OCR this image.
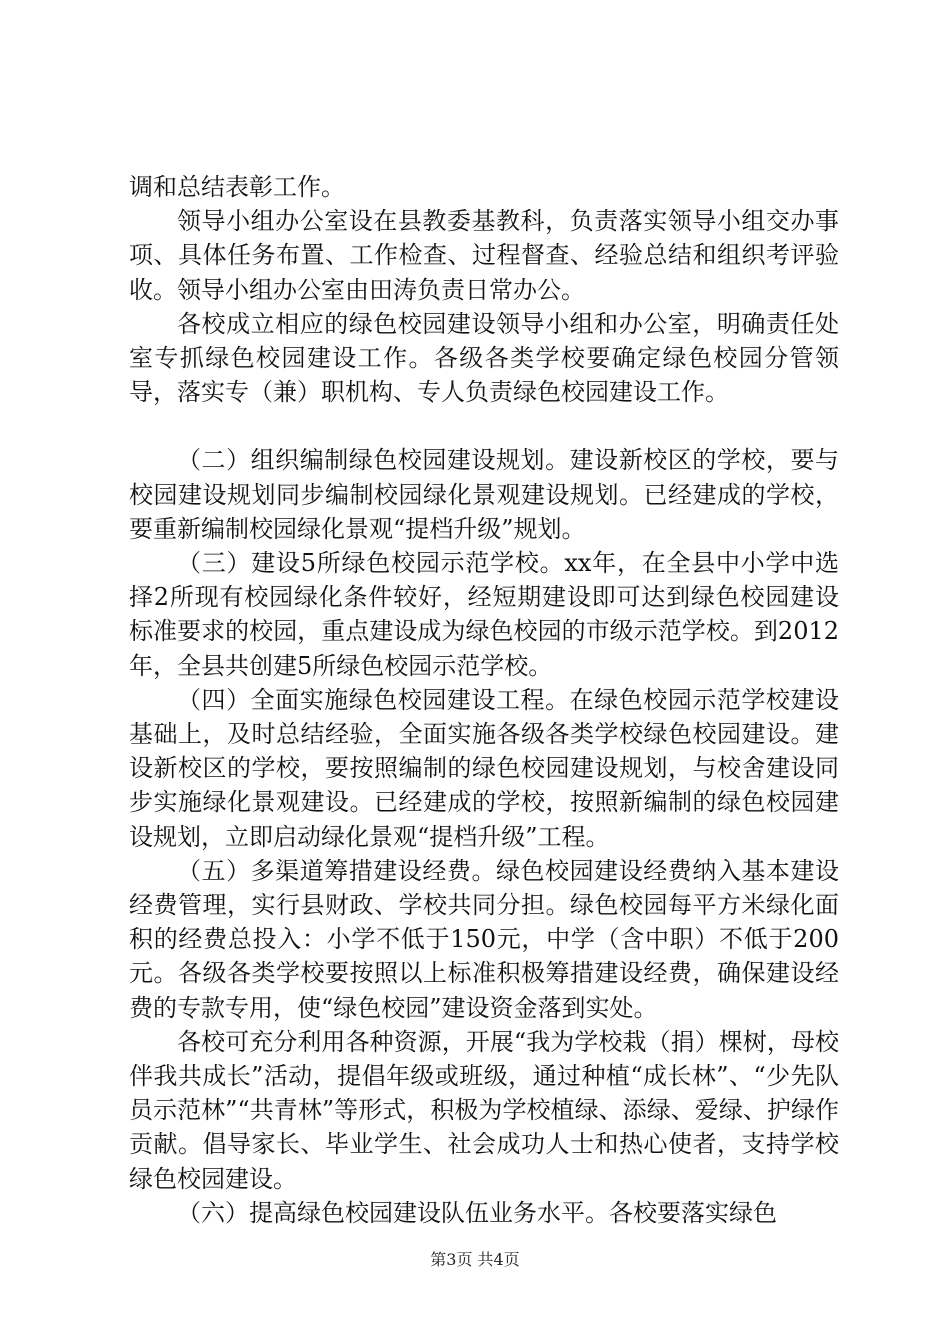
调和总结表彰工作。

领导小组办公室设在县教委基教科，负责落实领导小组交办事项、具体任务布置、工作检查、过程督查、经验总结和组织考评验收。领导小组办公室由田涛负责日常办公。

各校成立相应的绿色校园建设领导小组和办公室，明确责任处室专抓绿色校园建设工作。各级各类学校要确定绿色校园分管领导，落实专（兼）职机构、专人负责绿色校园建设工作。

（二）组织编制绿色校园建设规划。建设新校区的学校，要与校园建设规划同步编制校园绿化景观建设规划。已经建成的学校，要重新编制校园绿化景观“提档升级”规划。

（三）建设5所绿色校园示范学校。xx年，在全县中小学中选择2所现有校园绿化条件较好，经短期建设即可达到绿色校园建设标准要求的校园，重点建设成为绿色校园的市级示范学校。到2012年，全县共创建5所绿色校园示范学校。

（四）全面实施绿色校园建设工程。在绿色校园示范学校建设基础上，及时总结经验，全面实施各级各类学校绿色校园建设。建设新校区的学校，要按照编制的绿色校园建设规划，与校舍建设同步实施绿化景观建设。已经建成的学校，按照新编制的绿色校园建设规划，立即启动绿化景观“提档升级”工程。

（五）多渠道筹措建设经费。绿色校园建设经费纳入基本建设经费管理，实行县财政、学校共同分担。绿色校园每平方米绿化面积的经费总投入：小学不低于150元，中学（含中职）不低于200元。各级各类学校要按照以上标准积极筹措建设经费，确保建设经费的专款专用，使“绿色校园”建设资金落到实处。

各校可充分利用各种资源，开展“我为学校栽（捐）棵树，母校伴我共成长”活动，提倡年级或班级，通过种植“成长林”、“少先队员示范林”“共青林”等形式，积极为学校植绿、添绿、爱绿、护绿作贡献。倡导家长、毕业学生、社会成功人士和热心使者，支持学校绿色校园建设。

（六）提高绿色校园建设队伍业务水平。各校要落实绿色

第3页 共4页
